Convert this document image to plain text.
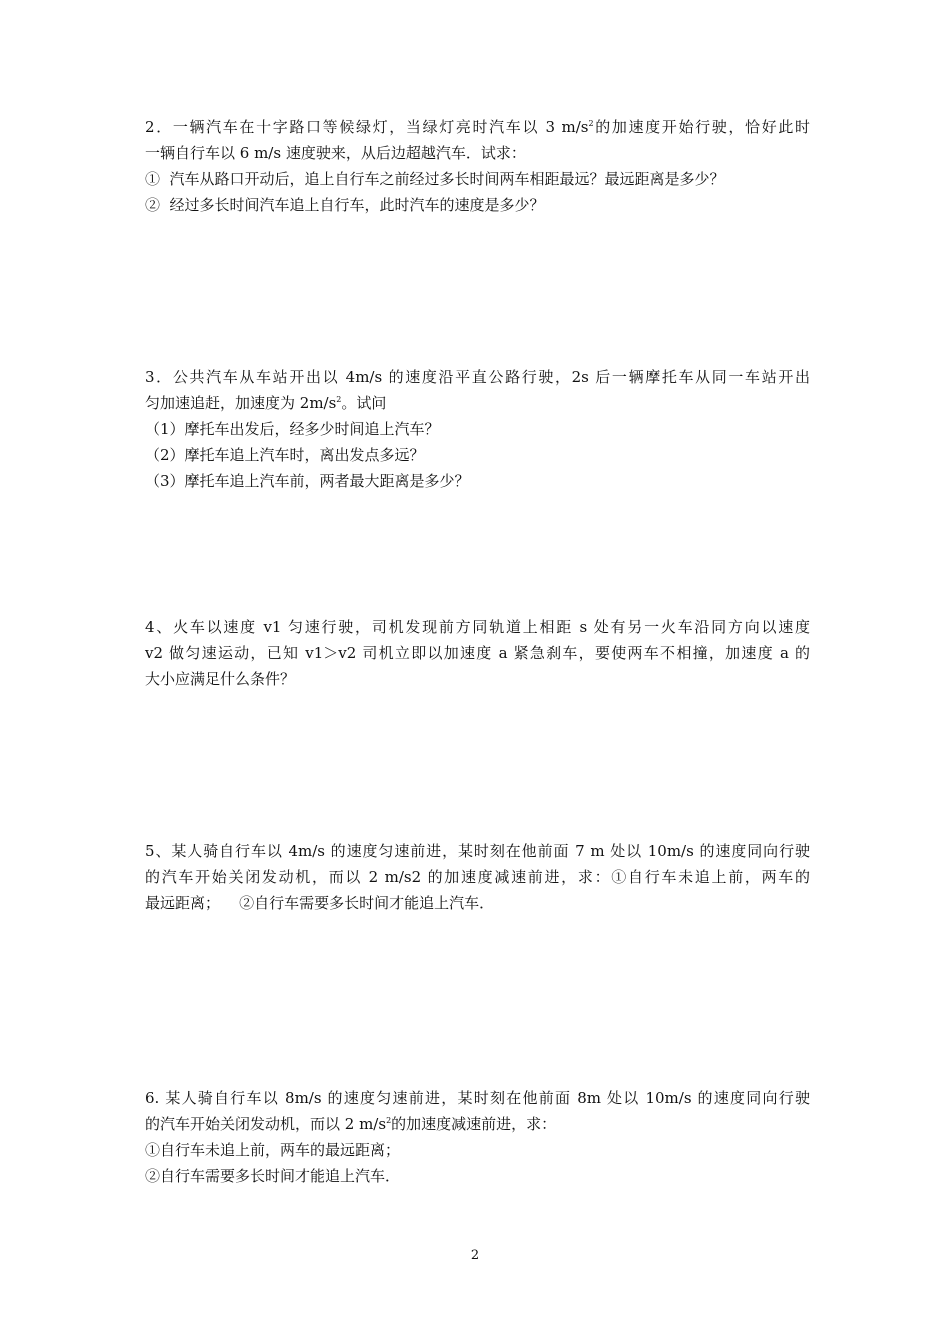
2．一辆汽车在十字路口等候绿灯，当绿灯亮时汽车以 3 $m/s^2$的加速度开始行驶，恰好此时
一辆自行车以 6 m/s 速度驶来，从后边超越汽车．试求：
①  汽车从路口开动后，追上自行车之前经过多长时间两车相距最远？最远距离是多少？
②  经过多长时间汽车追上自行车，此时汽车的速度是多少？
3．公共汽车从车站开出以 4m/s 的速度沿平直公路行驶，2s 后一辆摩托车从同一车站开出
匀加速追赶，加速度为 $2m/s^2$。试问
（1）摩托车出发后，经多少时间追上汽车？
（2）摩托车追上汽车时，离出发点多远？
（3）摩托车追上汽车前，两者最大距离是多少？
4、火车以速度 v1 匀速行驶，司机发现前方同轨道上相距 s 处有另一火车沿同方向以速度
v2 做匀速运动，已知 v1＞v2 司机立即以加速度 a 紧急刹车，要使两车不相撞，加速度 a 的
大小应满足什么条件？
5、某人骑自行车以 4m/s 的速度匀速前进，某时刻在他前面 7 m 处以 10m/s 的速度同向行驶
的汽车开始关闭发动机，而以 2 m/s2 的加速度减速前进，求：①自行车未追上前，两车的
最远距离；    ②自行车需要多长时间才能追上汽车．
6. 某人骑自行车以 8m/s 的速度匀速前进，某时刻在他前面 8m 处以 10m/s 的速度同向行驶
的汽车开始关闭发动机，而以 2 $m/s^2$的加速度减速前进，求：
①自行车未追上前，两车的最远距离；
②自行车需要多长时间才能追上汽车．
2
